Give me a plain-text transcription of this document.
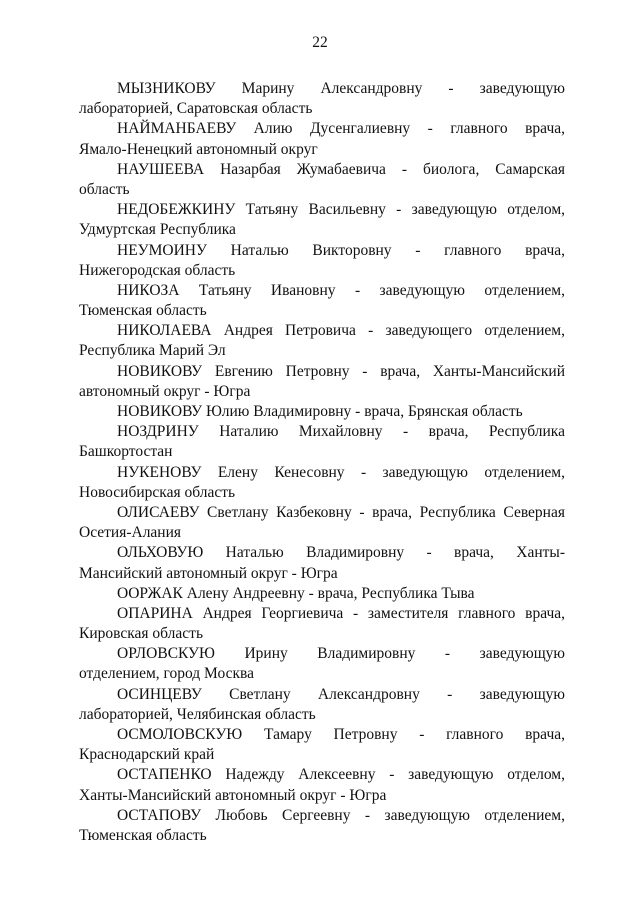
22
МЫЗНИКОВУ Марину Александровну - заведующую
лабораторией, Саратовская область
НАЙМАНБАЕВУ Алию Дусенгалиевну - главного врача,
Ямало-Ненецкий автономный округ
НАУШЕЕВА Назарбая Жумабаевича - биолога, Самарская
область
НЕДОБЕЖКИНУ Татьяну Васильевну - заведующую отделом,
Удмуртская Республика
НЕУМОИНУ Наталью Викторовну - главного врача,
Нижегородская область
НИКОЗА Татьяну Ивановну - заведующую отделением,
Тюменская область
НИКОЛАЕВА Андрея Петровича - заведующего отделением,
Республика Марий Эл
НОВИКОВУ Евгению Петровну - врача, Ханты-Мансийский
автономный округ - Югра
НОВИКОВУ Юлию Владимировну - врача, Брянская область
НОЗДРИНУ Наталию Михайловну - врача, Республика
Башкортостан
НУКЕНОВУ Елену Кенесовну - заведующую отделением,
Новосибирская область
ОЛИСАЕВУ Светлану Казбековну - врача, Республика Северная
Осетия-Алания
ОЛЬХОВУЮ Наталью Владимировну - врача, Ханты-
Мансийский автономный округ - Югра
ООРЖАК Алену Андреевну - врача, Республика Тыва
ОПАРИНА Андрея Георгиевича - заместителя главного врача,
Кировская область
ОРЛОВСКУЮ Ирину Владимировну - заведующую
отделением, город Москва
ОСИНЦЕВУ Светлану Александровну - заведующую
лабораторией, Челябинская область
ОСМОЛОВСКУЮ Тамару Петровну - главного врача,
Краснодарский край
ОСТАПЕНКО Надежду Алексеевну - заведующую отделом,
Ханты-Мансийский автономный округ - Югра
ОСТАПОВУ Любовь Сергеевну - заведующую отделением,
Тюменская область
